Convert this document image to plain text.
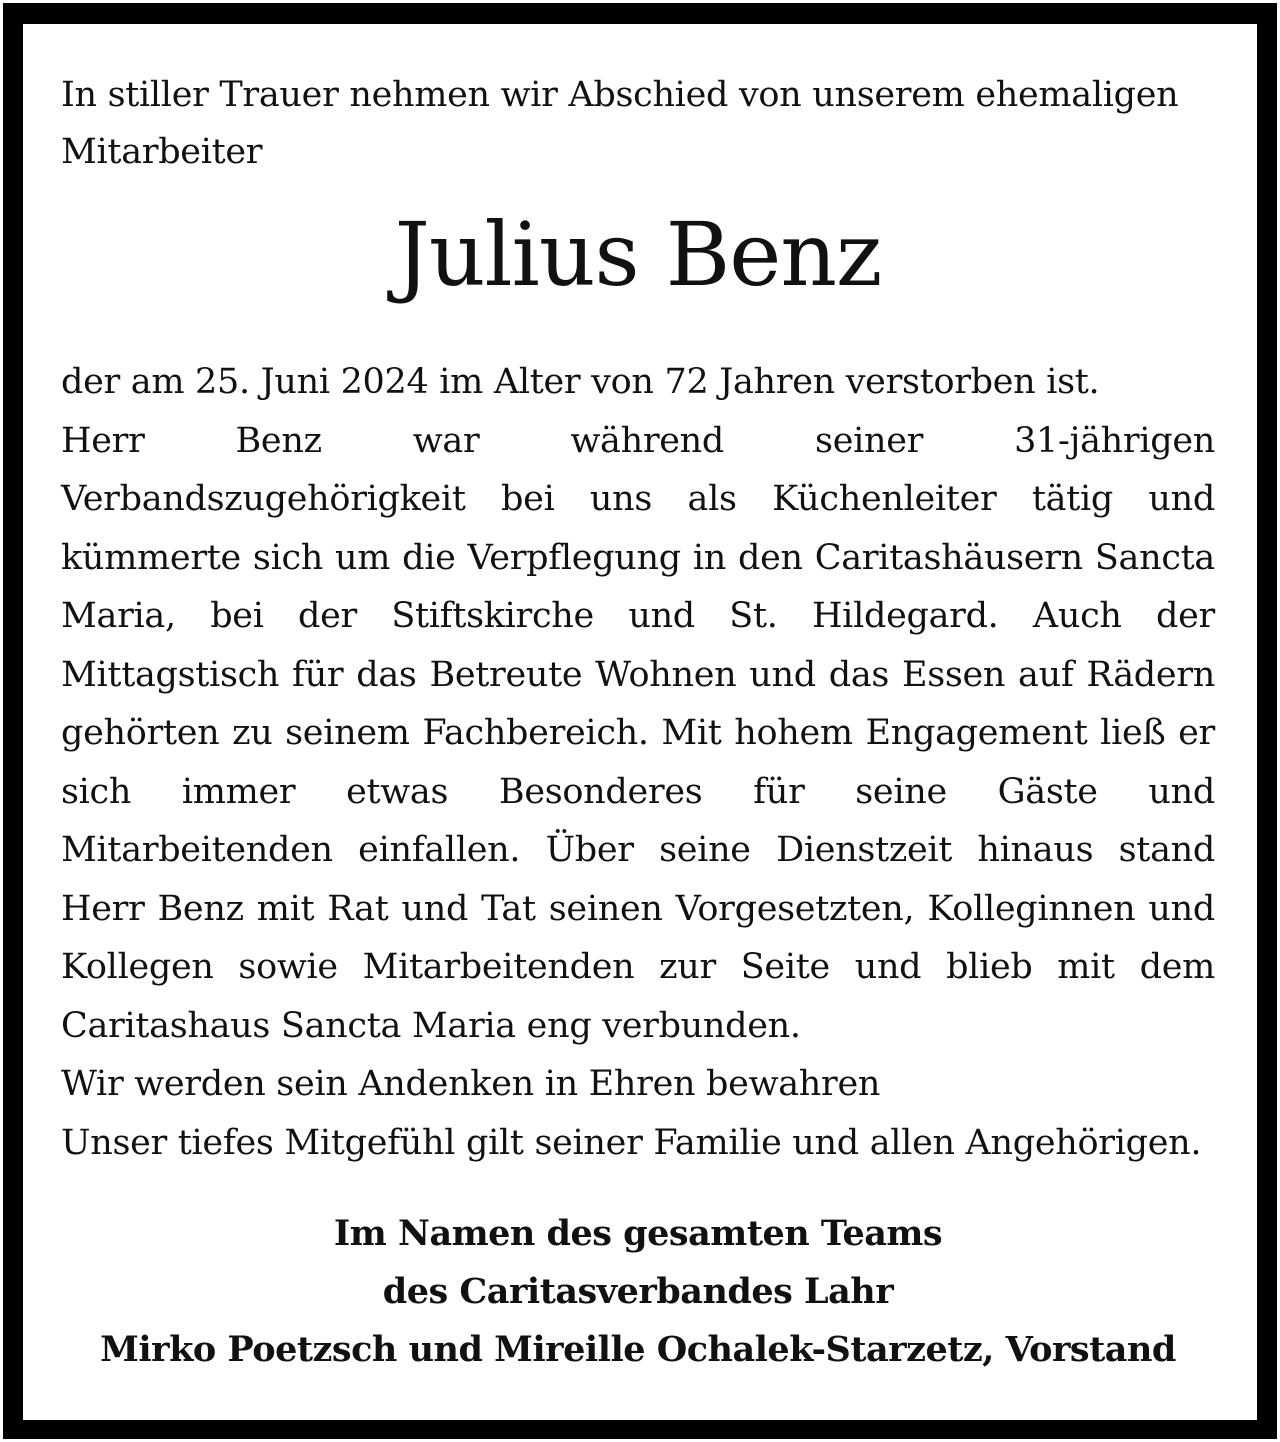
In stiller Trauer nehmen wir Abschied von unserem ehemaligen Mitarbeiter
Julius Benz

der am 25. Juni 2024 im Alter von 72 Jahren verstorben ist.

Herr Benz war während seiner 31-jährigen Verbandszugehörigkeit bei uns als Küchenleiter tätig und kümmerte sich um die Verpflegung in den Caritashäusern Sancta Maria, bei der Stiftskirche und St. Hildegard. Auch der Mittagstisch für das Betreute Wohnen und das Essen auf Rädern gehörten zu seinem Fachbereich. Mit hohem Engagement ließ er sich immer etwas Besonderes für seine Gäste und Mitarbeitenden einfallen. Über seine Dienstzeit hinaus stand Herr Benz mit Rat und Tat seinen Vorgesetzten, Kolleginnen und Kollegen sowie Mitarbeitenden zur Seite und blieb mit dem Caritashaus Sancta Maria eng verbunden.

Wir werden sein Andenken in Ehren bewahren

Unser tiefes Mitgefühl gilt seiner Familie und allen Angehörigen.

Im Namen des gesamten Teams
des Caritasverbandes Lahr
Mirko Poetzsch und Mireille Ochalek-Starzetz, Vorstand
